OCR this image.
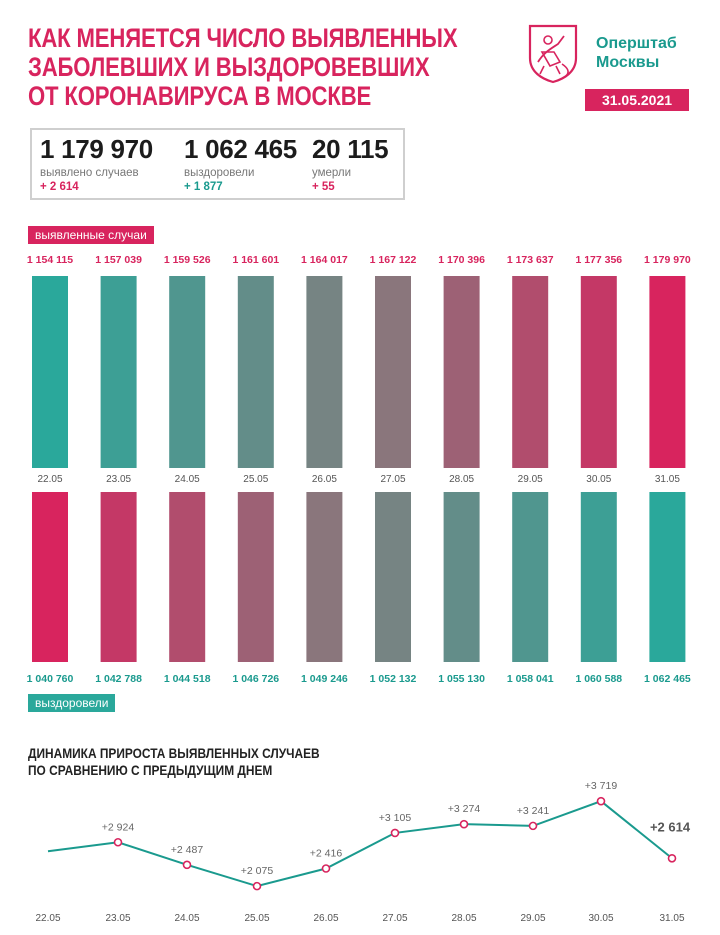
КАК МЕНЯЕТСЯ ЧИСЛО ВЫЯВЛЕННЫХ
ЗАБОЛЕВШИХ И ВЫЗДОРОВЕВШИХ
ОТ КОРОНАВИРУСА В МОСКВЕ
Оперштаб
Москвы
31.05.2021
1 179 970
выявлено случаев
+ 2 614
1 062 465
выздоровели
+ 1 877
20 115
умерли
+ 55
выявленные случаи
1 154 115
22.05
1 040 760
1 157 039
23.05
1 042 788
1 159 526
24.05
1 044 518
1 161 601
25.05
1 046 726
1 164 017
26.05
1 049 246
1 167 122
27.05
1 052 132
1 170 396
28.05
1 055 130
1 173 637
29.05
1 058 041
1 177 356
30.05
1 060 588
1 179 970
31.05
1 062 465
выздоровели
ДИНАМИКА ПРИРОСТА ВЫЯВЛЕННЫХ СЛУЧАЕВ
ПО СРАВНЕНИЮ С ПРЕДЫДУЩИМ ДНЕМ
22.05
+2 924
23.05
+2 487
24.05
+2 075
25.05
+2 416
26.05
+3 105
27.05
+3 274
28.05
+3 241
29.05
+3 719
30.05
+2 614
31.05
